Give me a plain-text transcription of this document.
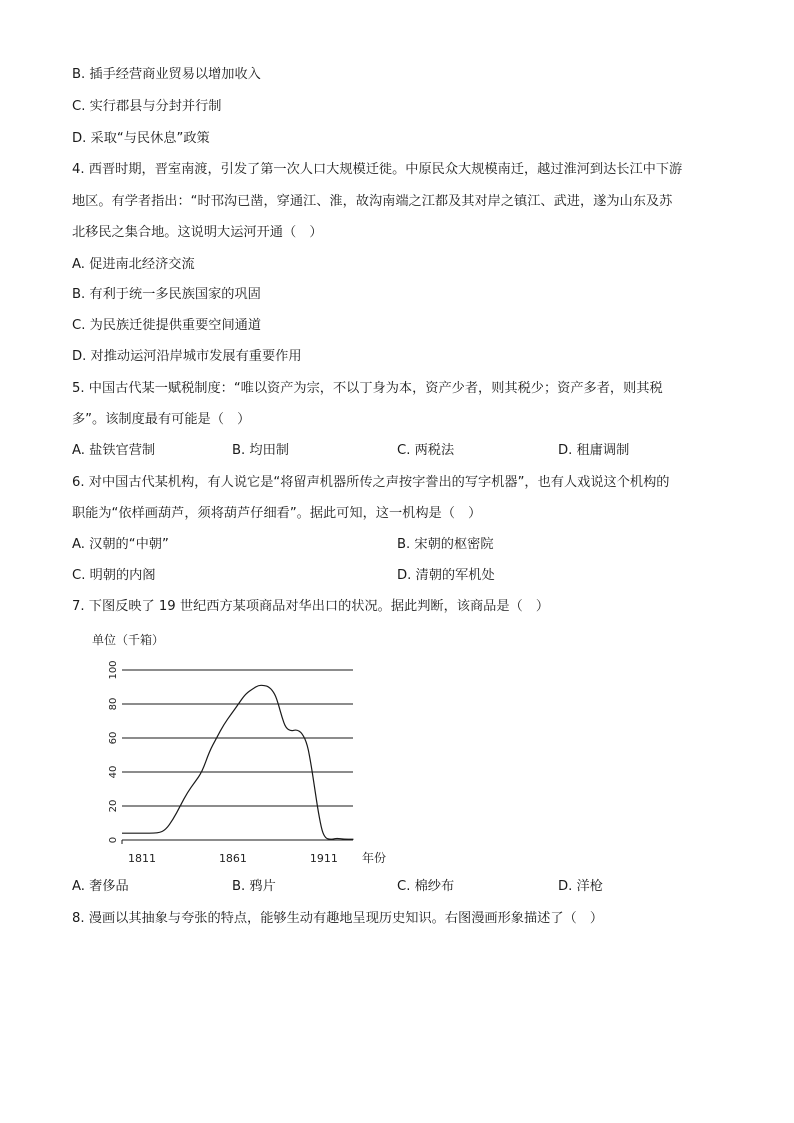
B. 插手经营商业贸易以增加收入
C. 实行郡县与分封并行制
D. 采取“与民休息”政策
4. 西晋时期，晋室南渡，引发了第一次人口大规模迁徙。中原民众大规模南迁，越过淮河到达长江中下游
地区。有学者指出：“时邗沟已凿，穿通江、淮，故沟南端之江都及其对岸之镇江、武进，遂为山东及苏
北移民之集合地。这说明大运河开通（　）
A. 促进南北经济交流
B. 有利于统一多民族国家的巩固
C. 为民族迁徙提供重要空间通道
D. 对推动运河沿岸城市发展有重要作用
5. 中国古代某一赋税制度：“唯以资产为宗，不以丁身为本，资产少者，则其税少；资产多者，则其税
多”。该制度最有可能是（　）
A. 盐铁官营制	B. 均田制	C. 两税法	D. 租庸调制
6. 对中国古代某机构，有人说它是“将留声机器所传之声按字誊出的写字机器”，也有人戏说这个机构的
职能为“依样画葫芦，须将葫芦仔细看”。据此可知，这一机构是（　）
A. 汉朝的“中朝”	B. 宋朝的枢密院
C. 明朝的内阁	D. 清朝的军机处
7. 下图反映了 19 世纪西方某项商品对华出口的状况。据此判断，该商品是（　）
单位（千箱）
0
20
40
60
80
100
1811	1861	1911 年份
A. 奢侈品	B. 鸦片	C. 棉纱布	D. 洋枪
8. 漫画以其抽象与夸张的特点，能够生动有趣地呈现历史知识。右图漫画形象描述了（　）
